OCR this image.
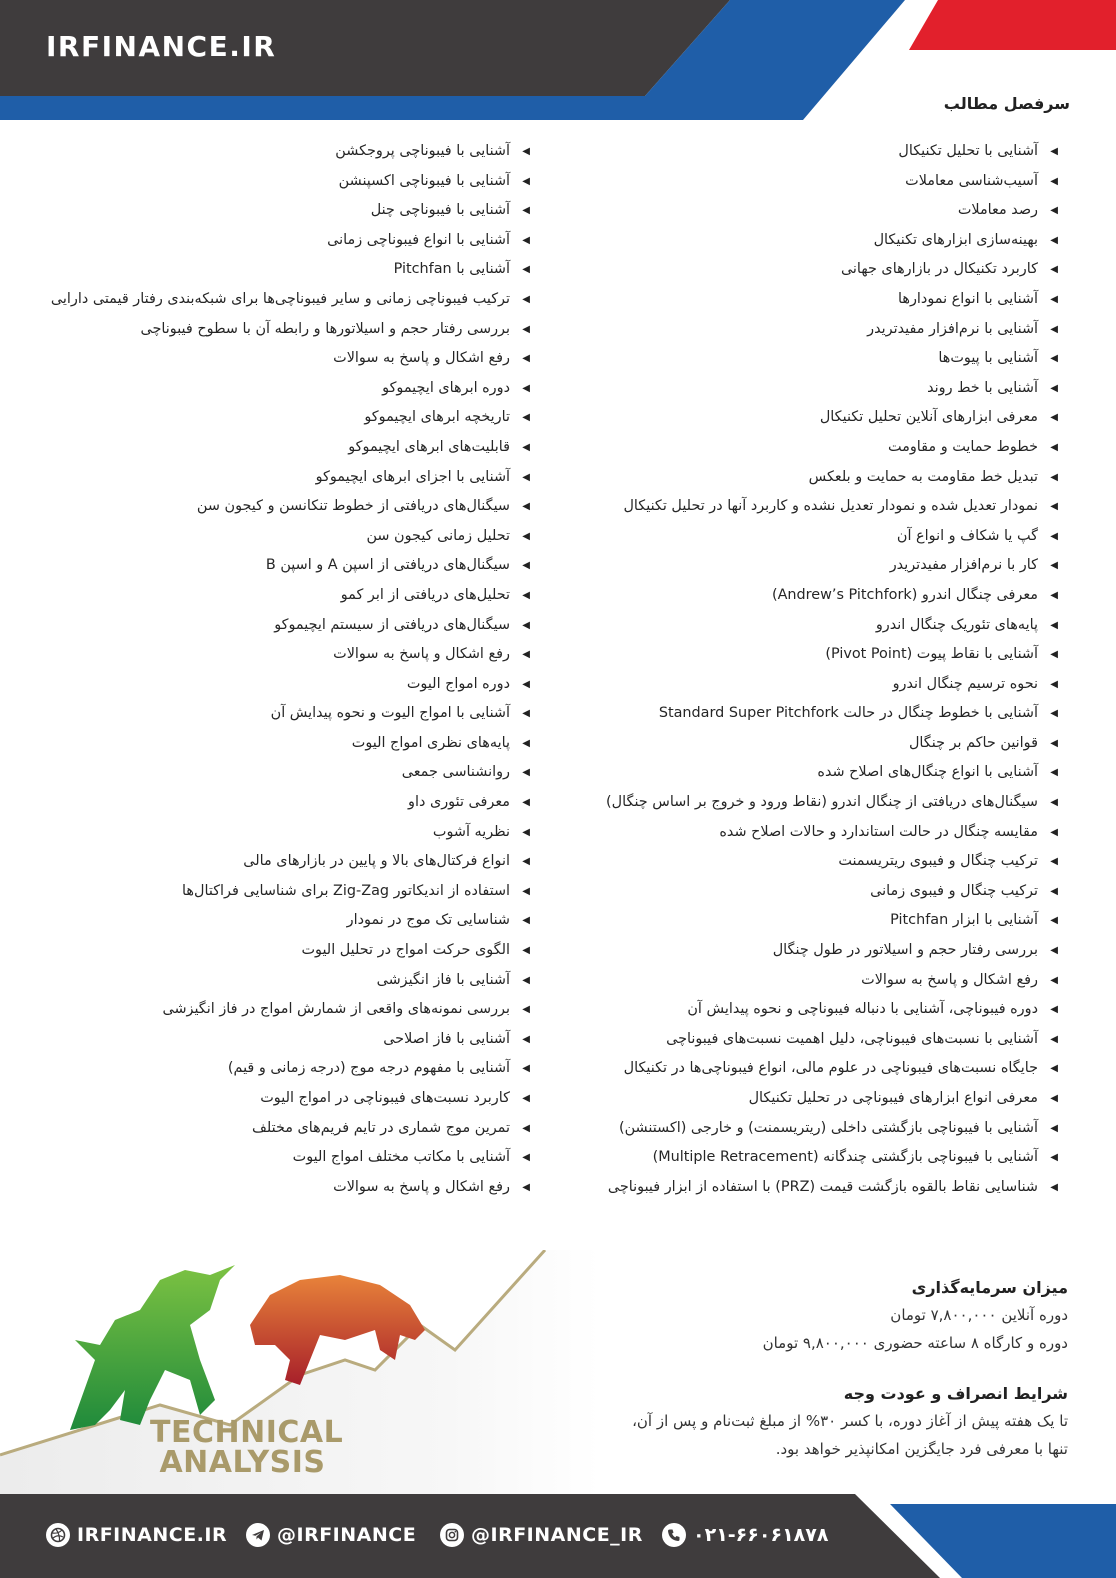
IRFINANCE.IR
سرفصل مطالب
◀
آشنایی با تحلیل تکنیکال
◀
آسیب‌شناسی معاملات
◀
رصد معاملات
◀
بهینه‌سازی ابزارهای تکنیکال
◀
کاربرد تکنیکال در بازارهای جهانی
◀
آشنایی با انواع نمودارها
◀
آشنایی با نرم‌افزار مفیدتریدر
◀
آشنایی با پیوت‌ها
◀
آشنایی با خط روند
◀
معرفی ابزارهای آنلاین تحلیل تکنیکال
◀
خطوط حمایت و مقاومت
◀
تبدیل خط مقاومت به حمایت و بلعکس
◀
نمودار تعدیل شده و نمودار تعدیل نشده و کاربرد آنها در تحلیل تکنیکال
◀
گپ یا شکاف و انواع آن
◀
کار با نرم‌افزار مفیدتریدر
◀
معرفی چنگال اندرو (Andrew’s Pitchfork)
◀
پایه‌های تئوریک چنگال اندرو
◀
آشنایی با نقاط پیوت (Pivot Point)
◀
نحوه ترسیم چنگال اندرو
◀
آشنایی با خطوط چنگال در حالت Standard Super Pitchfork
◀
قوانین حاکم بر چنگال
◀
آشنایی با انواع چنگال‌های اصلاح شده
◀
سیگنال‌های دریافتی از چنگال اندرو (نقاط ورود و خروج بر اساس چنگال)
◀
مقایسه چنگال در حالت استاندارد و حالات اصلاح شده
◀
ترکیب چنگال و فیبوی ریتریسمنت
◀
ترکیب چنگال و فیبوی زمانی
◀
آشنایی با ابزار Pitchfan
◀
بررسی رفتار حجم و اسیلاتور در طول چنگال
◀
رفع اشکال و پاسخ به سوالات
◀
دوره فیبوناچی، آشنایی با دنباله فیبوناچی و نحوه پیدایش آن
◀
آشنایی با نسبت‌های فیبوناچی، دلیل اهمیت نسبت‌های فیبوناچی
◀
جایگاه نسبت‌های فیبوناچی در علوم مالی، انواع فیبوناچی‌ها در تکنیکال
◀
معرفی انواع ابزارهای فیبوناچی در تحلیل تکنیکال
◀
آشنایی با فیبوناچی بازگشتی داخلی (ریتریسمنت) و خارجی (اکستنشن)
◀
آشنایی با فیبوناچی بازگشتی چندگانه (Multiple Retracement)
◀
شناسایی نقاط بالقوه بازگشت قیمت (PRZ) با استفاده از ابزار فیبوناچی
◀
آشنایی با فیبوناچی پروجکشن
◀
آشنایی با فیبوناچی اکسپنشن
◀
آشنایی با فیبوناچی چنل
◀
آشنایی با انواع فیبوناچی زمانی
◀
آشنایی با Pitchfan
◀
ترکیب فیبوناچی زمانی و سایر فیبوناچی‌ها برای شبکه‌بندی رفتار قیمتی دارایی
◀
بررسی رفتار حجم و اسیلاتورها و رابطه آن با سطوح فیبوناچی
◀
رفع اشکال و پاسخ به سوالات
◀
دوره ابرهای ایچیموکو
◀
تاریخچه ابرهای ایچیموکو
◀
قابلیت‌های ابرهای ایچیموکو
◀
آشنایی با اجزای ابرهای ایچیموکو
◀
سیگنال‌های دریافتی از خطوط تنکانسن و کیجون سن
◀
تحلیل زمانی کیجون سن
◀
سیگنال‌های دریافتی از اسپن A و اسپن B
◀
تحلیل‌های دریافتی از ابر کمو
◀
سیگنال‌های دریافتی از سیستم ایچیموکو
◀
رفع اشکال و پاسخ به سوالات
◀
دوره امواج الیوت
◀
آشنایی با امواج الیوت و نحوه پیدایش آن
◀
پایه‌های نظری امواج الیوت
◀
روانشناسی جمعی
◀
معرفی تئوری داو
◀
نظریه آشوب
◀
انواع فرکتال‌های بالا و پایین در بازارهای مالی
◀
استفاده از اندیکاتور Zig-Zag برای شناسایی فراکتال‌ها
◀
شناسایی تک موج در نمودار
◀
الگوی حرکت امواج در تحلیل الیوت
◀
آشنایی با فاز انگیزشی
◀
بررسی نمونه‌های واقعی از شمارش امواج در فاز انگیزشی
◀
آشنایی با فاز اصلاحی
◀
آشنایی با مفهوم درجه موج (درجه زمانی و قیم)
◀
کاربرد نسبت‌های فیبوناچی در امواج الیوت
◀
تمرین موج شماری در تایم فریم‌های مختلف
◀
آشنایی با مکاتب مختلف امواج الیوت
◀
رفع اشکال و پاسخ به سوالات
TECHNICAL
ANALYSIS
میزان سرمایه‌گذاری

دوره آنلاین ۷,۸۰۰,۰۰۰ تومان

دوره و کارگاه ۸ ساعته حضوری ۹,۸۰۰,۰۰۰ تومان

شرایط انصراف و عودت وجه

تا یک هفته پیش از آغاز دوره، با کسر ۳۰% از مبلغ ثبت‌نام و پس از آن،

تنها با معرفی فرد جایگزین امکانپذیر خواهد بود.

IRFINANCE.IR	@IRFINANCE	@IRFINANCE_IR	۰۲۱-۶۶۰۶۱۸۷۸
